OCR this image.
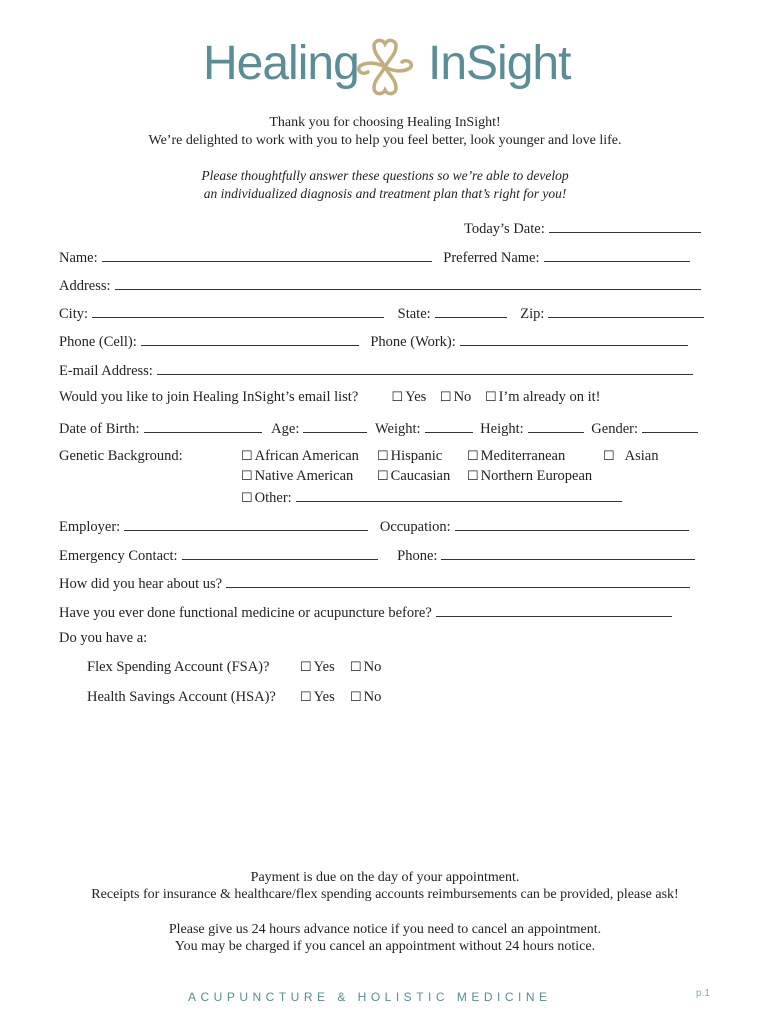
Healing InSight
Thank you for choosing Healing InSight!
We’re delighted to work with you to help you feel better, look younger and love life.
Please thoughtfully answer these questions so we’re able to develop
an individualized diagnosis and treatment plan that’s right for you!
Today’s Date:
Name:	Preferred Name:
Address:
City:	State:	Zip:
Phone (Cell):	Phone (Work):
E-mail Address:
Would you like to join Healing InSight’s email list?	☐ Yes ☐ No ☐ I’m already on it!
Date of Birth:	Age:	Weight:	Height:	Gender:
Genetic Background:	☐ African American ☐ Hispanic ☐ Mediterranean	☐ Asian
☐ Native American ☐ Caucasian ☐ Northern European
☐ Other:
Employer:	Occupation:
Emergency Contact:	Phone:
How did you hear about us?
Have you ever done functional medicine or acupuncture before?
Do you have a:
Flex Spending Account (FSA)? ☐ Yes ☐ No
Health Savings Account (HSA)? ☐ Yes ☐ No
Payment is due on the day of your appointment.
Receipts for insurance & healthcare/flex spending accounts reimbursements can be provided, please ask!
Please give us 24 hours advance notice if you need to cancel an appointment.
You may be charged if you cancel an appointment without 24 hours notice.
ACUPUNCTURE & HOLISTIC MEDICINE	p.1
